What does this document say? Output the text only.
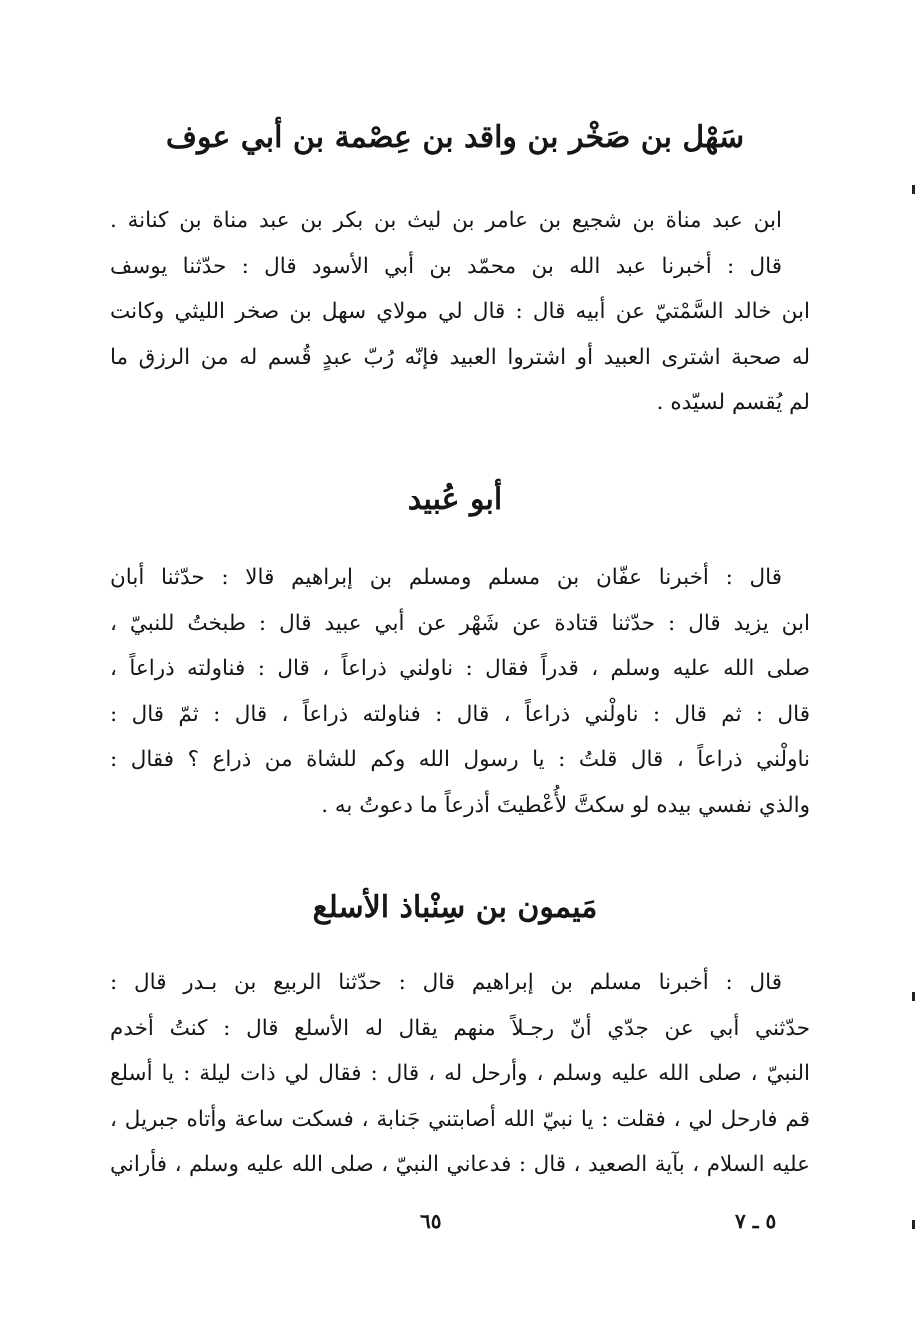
سَهْل بن صَخْر بن واقد بن عِصْمة بن أبي عوف
ابن عبد مناة بن شجيع بن عامر بن ليث بن بكر بن عبد مناة بن كنانة .
قال : أخبرنا عبد الله بن محمّد بن أبي الأسود قال : حدّثنا يوسف
ابن خالد السَّمْتيّ عن أبيه قال : قال لي مولاي سهل بن صخر الليثي وكانت
له صحبة اشترى العبيد أو اشتروا العبيد فإنّه رُبّ عبدٍ قُسم له من الرزق ما
لم يُقسم لسيّده .
أبو عُبيد
قال : أخبرنا عفّان بن مسلم ومسلم بن إبراهيم قالا : حدّثنا أبان
ابن يزيد قال : حدّثنا قتادة عن شَهْر عن أبي عبيد قال : طبختُ للنبيّ ،
صلى الله عليه وسلم ، قدراً فقال : ناولني ذراعاً ، قال : فناولته ذراعاً ،
قال : ثم قال : ناولْني ذراعاً ، قال : فناولته ذراعاً ، قال : ثمّ قال :
ناولْني ذراعاً ، قال قلتُ : يا رسول الله وكم للشاة من ذراع ؟ فقال :
والذي نفسي بيده لو سكتَّ لأُعْطيتَ أذرعاً ما دعوتُ به .
مَيمون بن سِنْباذ الأسلع
قال : أخبرنا مسلم بن إبراهيم قال : حدّثنا الربيع بن بـدر قال :
حدّثني أبي عن جدّي أنّ رجـلاً منهم يقال له الأسلع قال : كنتُ أخدم
النبيّ ، صلى الله عليه وسلم ، وأرحل له ، قال : فقال لي ذات ليلة : يا أسلع
قم فارحل لي ، فقلت : يا نبيّ الله أصابتني جَنابة ، فسكت ساعة وأتاه جبريل ،
عليه السلام ، بآية الصعيد ، قال : فدعاني النبيّ ، صلى الله عليه وسلم ، فأراني
٦٥	٥ ـ ٧
